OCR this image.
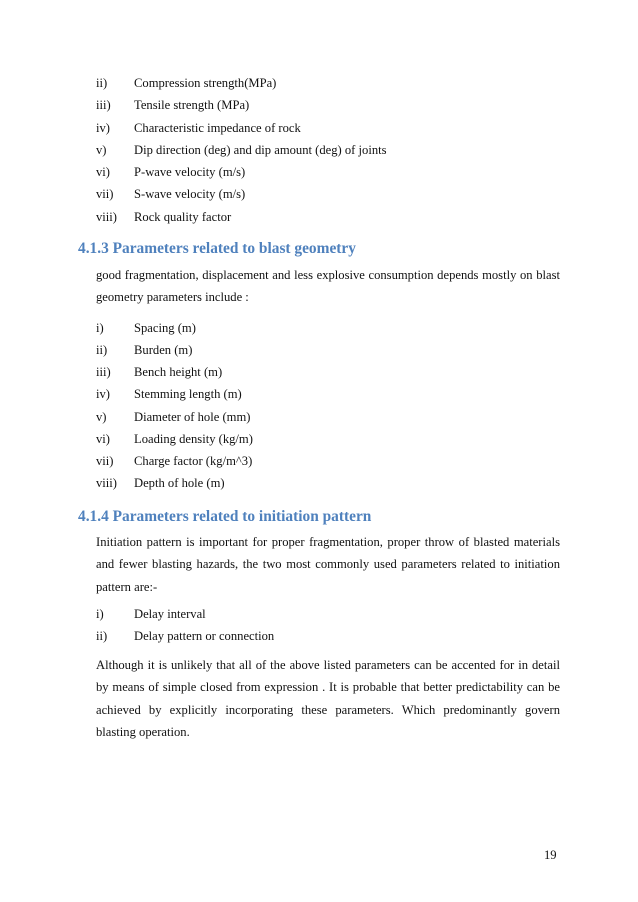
ii) Compression strength(MPa)
iii) Tensile strength (MPa)
iv) Characteristic impedance of rock
v) Dip direction (deg) and dip amount (deg) of joints
vi) P-wave velocity (m/s)
vii) S-wave velocity (m/s)
viii) Rock quality factor
4.1.3 Parameters related to blast geometry
good fragmentation, displacement and less explosive consumption depends mostly on blast geometry parameters include :
i) Spacing (m)
ii) Burden (m)
iii) Bench height (m)
iv) Stemming length (m)
v) Diameter of hole (mm)
vi) Loading density (kg/m)
vii) Charge factor (kg/m^3)
viii) Depth of hole (m)
4.1.4 Parameters related to initiation pattern
Initiation pattern is important for proper fragmentation, proper throw of blasted materials and fewer blasting hazards, the two most commonly used parameters related to initiation pattern are:-
i) Delay interval
ii) Delay pattern or connection
Although it is unlikely that all of the above listed parameters can be accented for in detail by means of simple closed from expression . It is probable that better predictability can be achieved by explicitly incorporating these parameters. Which predominantly govern blasting operation.
19
